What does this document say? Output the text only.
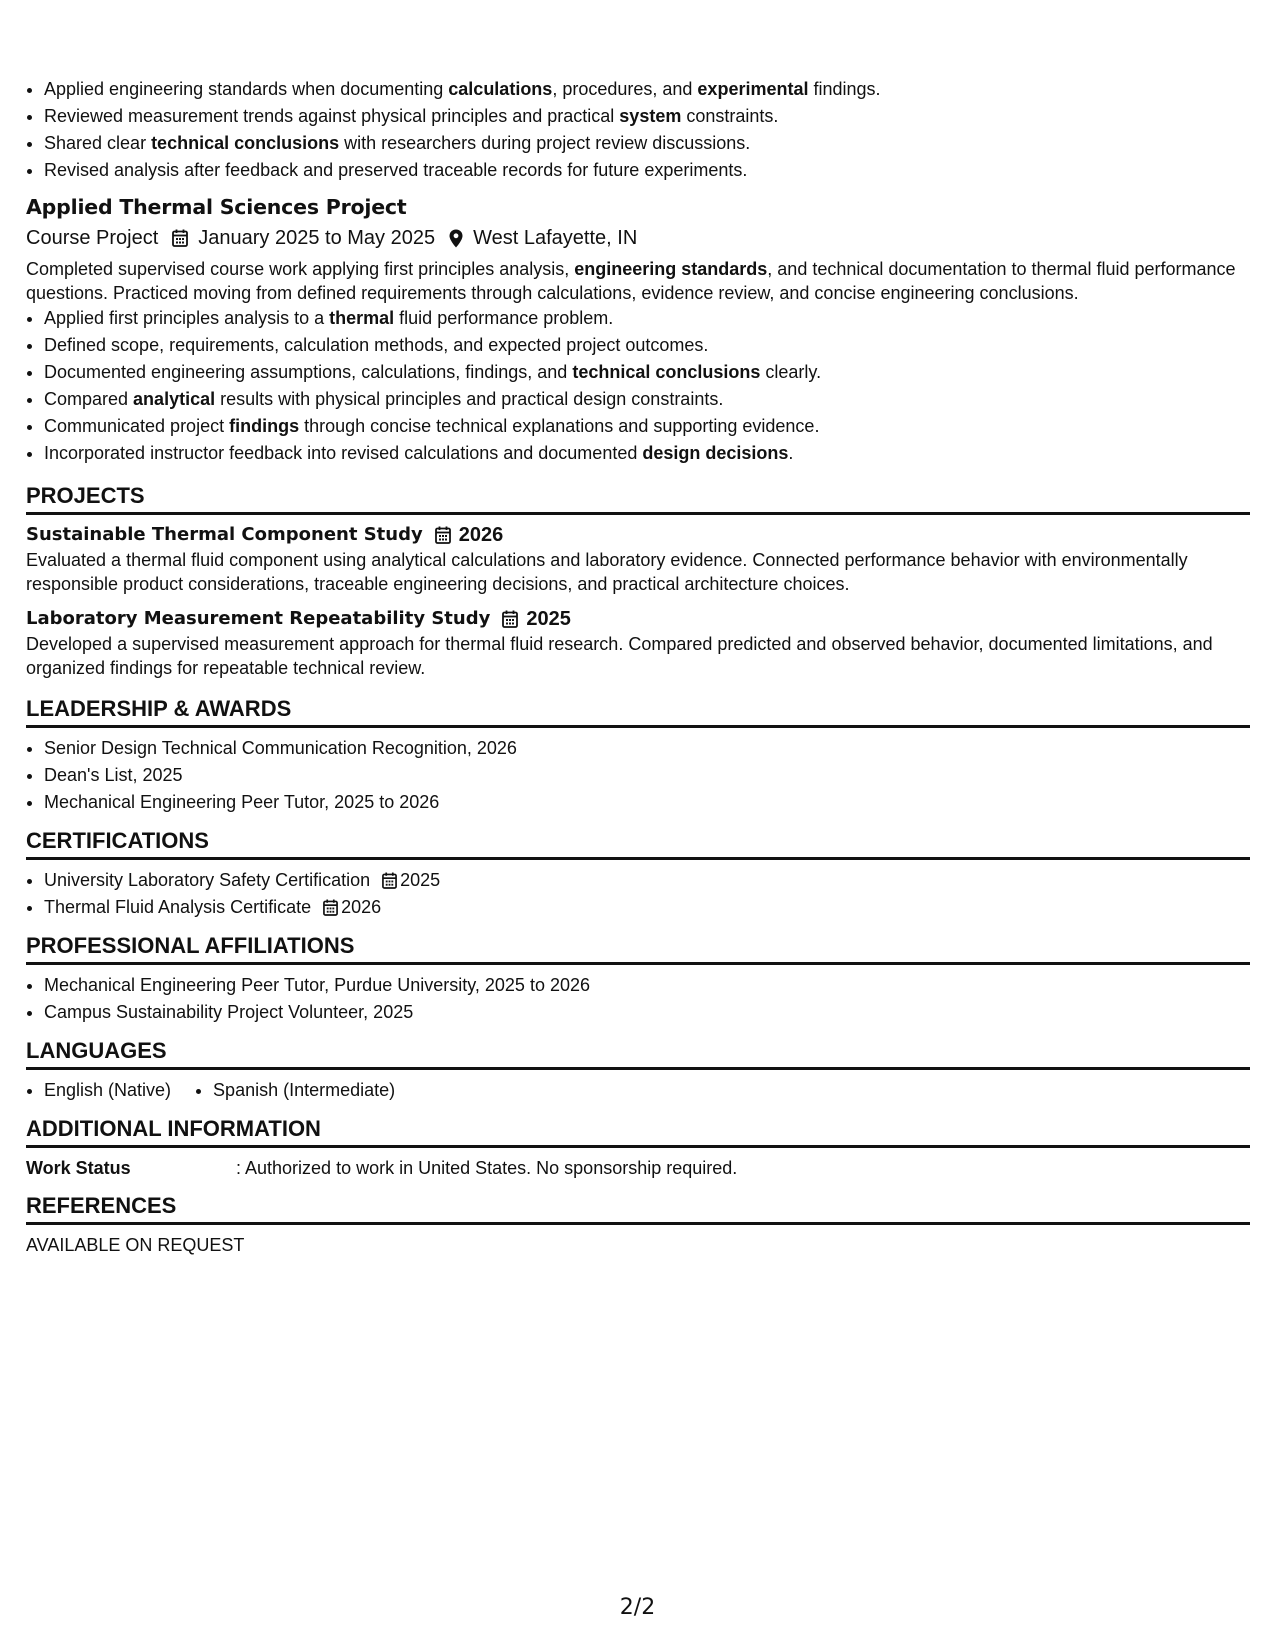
• Applied engineering standards when documenting calculations, procedures, and experimental findings.
• Reviewed measurement trends against physical principles and practical system constraints.
• Shared clear technical conclusions with researchers during project review discussions.
• Revised analysis after feedback and preserved traceable records for future experiments.
Applied Thermal Sciences Project
Course Project January 2025 to May 2025 West Lafayette, IN
Completed supervised course work applying first principles analysis, engineering standards, and technical documentation to thermal fluid performance questions. Practiced moving from defined requirements through calculations, evidence review, and concise engineering conclusions.
• Applied first principles analysis to a thermal fluid performance problem.
• Defined scope, requirements, calculation methods, and expected project outcomes.
• Documented engineering assumptions, calculations, findings, and technical conclusions clearly.
• Compared analytical results with physical principles and practical design constraints.
• Communicated project findings through concise technical explanations and supporting evidence.
• Incorporated instructor feedback into revised calculations and documented design decisions.
PROJECTS
Sustainable Thermal Component Study 2026
Evaluated a thermal fluid component using analytical calculations and laboratory evidence. Connected performance behavior with environmentally responsible product considerations, traceable engineering decisions, and practical architecture choices.
Laboratory Measurement Repeatability Study 2025
Developed a supervised measurement approach for thermal fluid research. Compared predicted and observed behavior, documented limitations, and organized findings for repeatable technical review.
LEADERSHIP & AWARDS
• Senior Design Technical Communication Recognition, 2026
• Dean's List, 2025
• Mechanical Engineering Peer Tutor, 2025 to 2026
CERTIFICATIONS
• University Laboratory Safety Certification 2025
• Thermal Fluid Analysis Certificate 2026
PROFESSIONAL AFFILIATIONS
• Mechanical Engineering Peer Tutor, Purdue University, 2025 to 2026
• Campus Sustainability Project Volunteer, 2025
LANGUAGES
• English (Native)
• Spanish (Intermediate)
ADDITIONAL INFORMATION
Work Status	: Authorized to work in United States. No sponsorship required.
REFERENCES
AVAILABLE ON REQUEST
2/2
